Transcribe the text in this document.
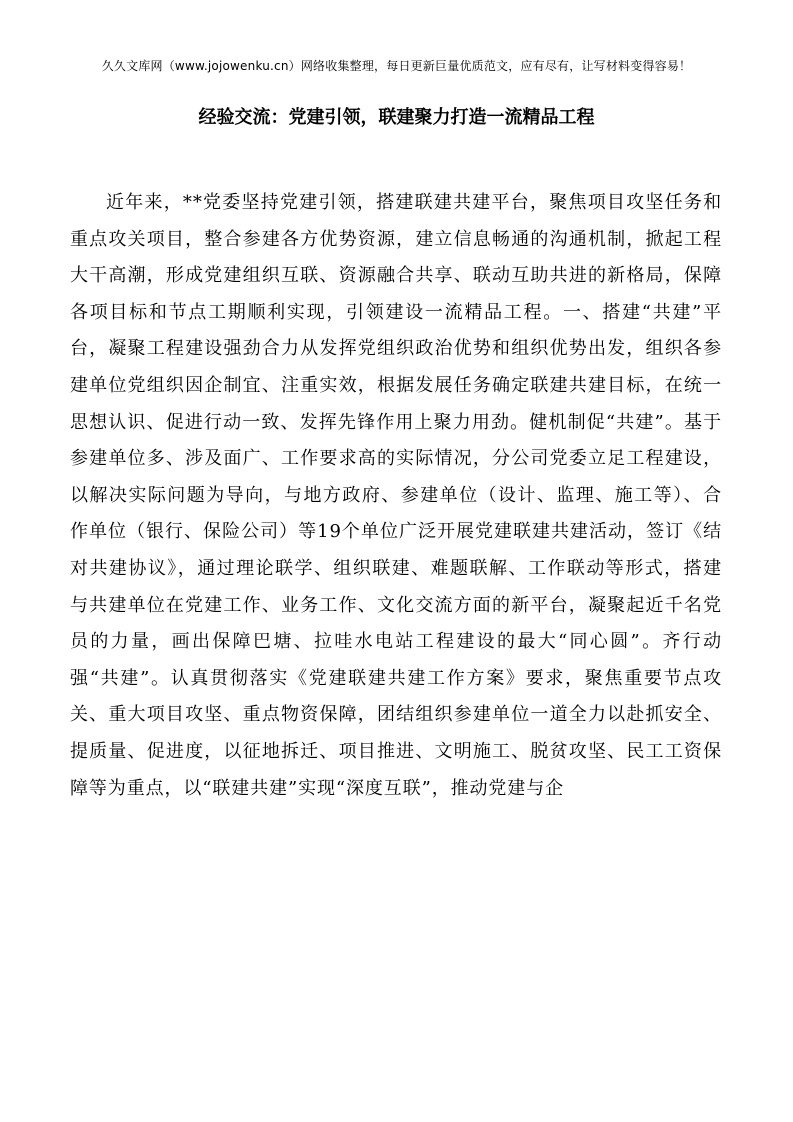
久久文库网（www.jojowenku.cn）网络收集整理，每日更新巨量优质范文，应有尽有，让写材料变得容易！
经验交流：党建引领，联建聚力打造一流精品工程

近年来，**党委坚持党建引领，搭建联建共建平台，聚焦项目攻坚任务和重点攻关项目，整合参建各方优势资源，建立信息畅通的沟通机制，掀起工程大干高潮，形成党建组织互联、资源融合共享、联动互助共进的新格局，保障各项目标和节点工期顺利实现，引领建设一流精品工程。一、搭建“共建”平台，凝聚工程建设强劲合力从发挥党组织政治优势和组织优势出发，组织各参建单位党组织因企制宜、注重实效，根据发展任务确定联建共建目标，在统一思想认识、促进行动一致、发挥先锋作用上聚力用劲。健机制促“共建”。基于参建单位多、涉及面广、工作要求高的实际情况，分公司党委立足工程建设，以解决实际问题为导向，与地方政府、参建单位（设计、监理、施工等）、合作单位（银行、保险公司）等19个单位广泛开展党建联建共建活动，签订《结对共建协议》，通过理论联学、组织联建、难题联解、工作联动等形式，搭建与共建单位在党建工作、业务工作、文化交流方面的新平台，凝聚起近千名党员的力量，画出保障巴塘、拉哇水电站工程建设的最大“同心圆”。齐行动强“共建”。认真贯彻落实《党建联建共建工作方案》要求，聚焦重要节点攻关、重大项目攻坚、重点物资保障，团结组织参建单位一道全力以赴抓安全、提质量、促进度，以征地拆迁、项目推进、文明施工、脱贫攻坚、民工工资保障等为重点，以“联建共建”实现“深度互联”，推动党建与企
